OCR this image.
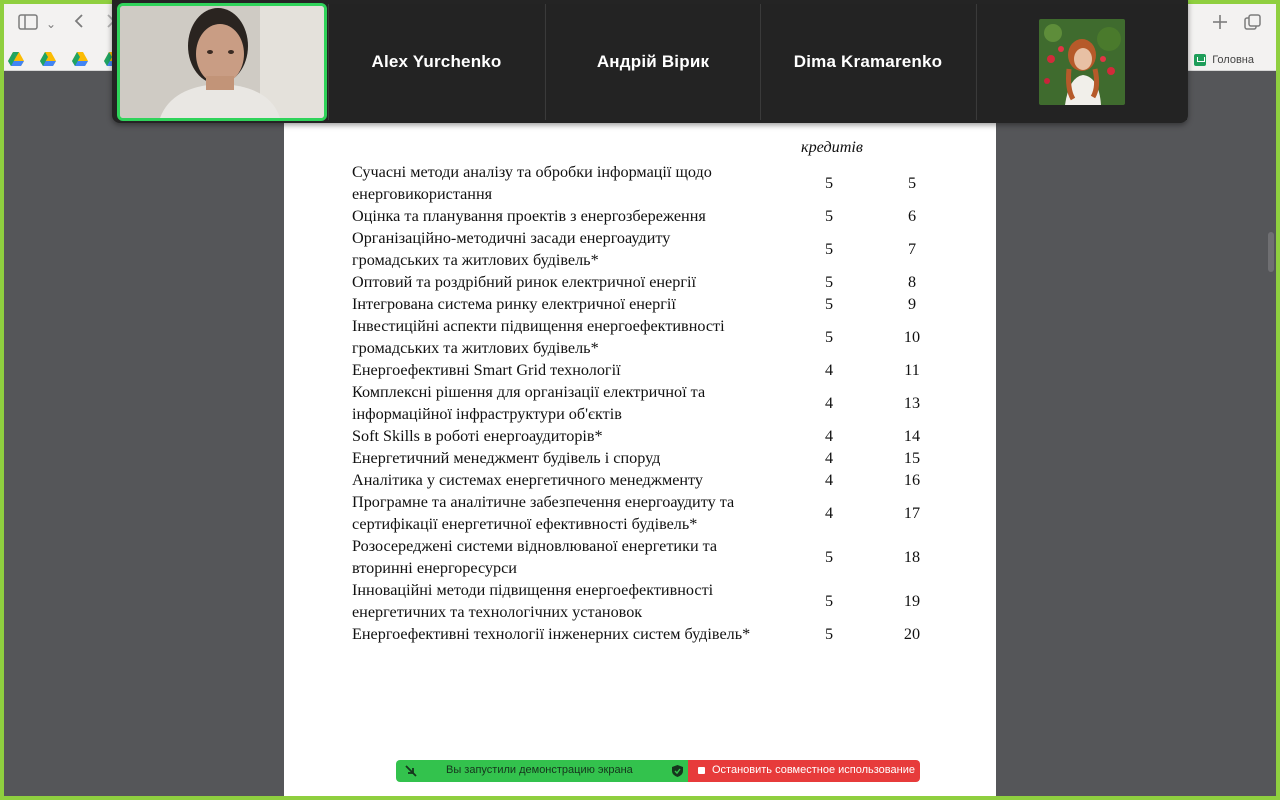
⌄
Головна
кредитів
Сучасні методи аналізу та обробки інформації щодо
енерговикористання
5	5
Оцінка та планування проектів з енергозбереження	5	6
Організаційно-методичні засади енергоаудиту
громадських та житлових будівель*
5	7
Оптовий та роздрібний ринок електричної енергії	5	8
Інтегрована система ринку електричної енергії	5	9
Інвестиційні аспекти підвищення енергоефективності
громадських та житлових будівель*
5	10
Енергоефективні Smart Grid технології	4	11
Комплексні рішення для організації електричної та
інформаційної інфраструктури об'єктів
4	13
Soft Skills в роботі енергоаудиторів*	4	14
Енергетичний менеджмент будівель і споруд	4	15
Аналітика у системах енергетичного менеджменту	4	16
Програмне та аналітичне забезпечення енергоаудиту та
сертифікації енергетичної ефективності будівель*
4	17
Розосереджені системи відновлюваної енергетики та
вторинні енергоресурси
5	18
Інноваційні методи підвищення енергоефективності
енергетичних та технологічних установок
5	19
Енергоефективні технології інженерних систем будівель*	5	20
Alex Yurchenko	Андрій Вірик	Dima Kramarenko
Вы запустили демонстрацию экрана	Остановить совместное использование
